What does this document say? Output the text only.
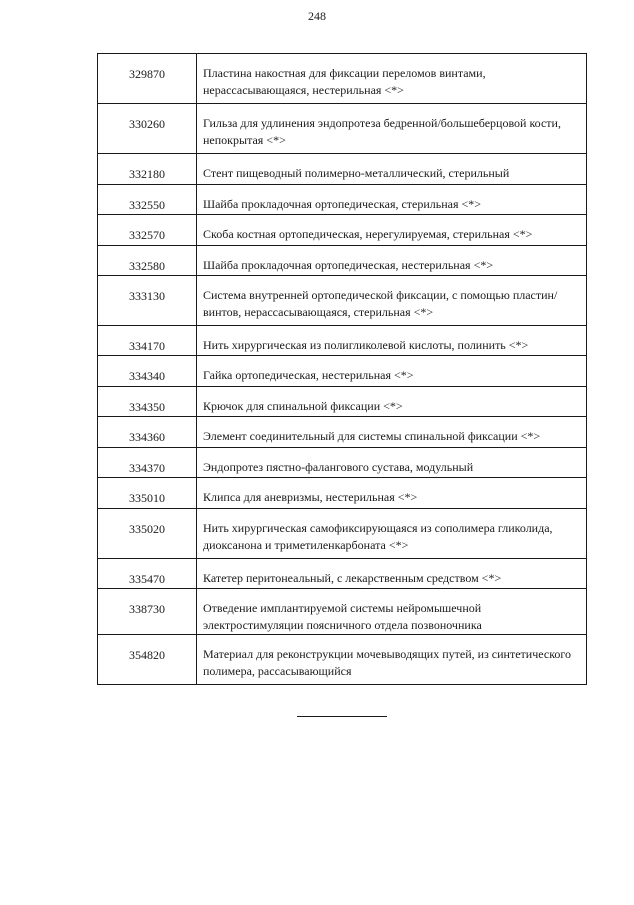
248
329870	Пластина накостная для фиксации переломов винтами, нерассасывающаяся, нестерильная <*>
330260	Гильза для удлинения эндопротеза бедренной/большеберцовой кости, непокрытая <*>
332180	Стент пищеводный полимерно-металлический, стерильный
332550	Шайба прокладочная ортопедическая, стерильная <*>
332570	Скоба костная ортопедическая, нерегулируемая, стерильная <*>
332580	Шайба прокладочная ортопедическая, нестерильная <*>
333130	Система внутренней ортопедической фиксации, с помощью пластин/винтов, нерассасывающаяся, стерильная <*>
334170	Нить хирургическая из полигликолевой кислоты, полинить <*>
334340	Гайка ортопедическая, нестерильная <*>
334350	Крючок для спинальной фиксации <*>
334360	Элемент соединительный для системы спинальной фиксации <*>
334370	Эндопротез пястно-фалангового сустава, модульный
335010	Клипса для аневризмы, нестерильная <*>
335020	Нить хирургическая самофиксирующаяся из сополимера гликолида, диоксанона и триметиленкарбоната <*>
335470	Катетер перитонеальный, с лекарственным средством <*>
338730	Отведение имплантируемой системы нейромышечной электростимуляции поясничного отдела позвоночника
354820	Материал для реконструкции мочевыводящих путей, из синтетического полимера, рассасывающийся
